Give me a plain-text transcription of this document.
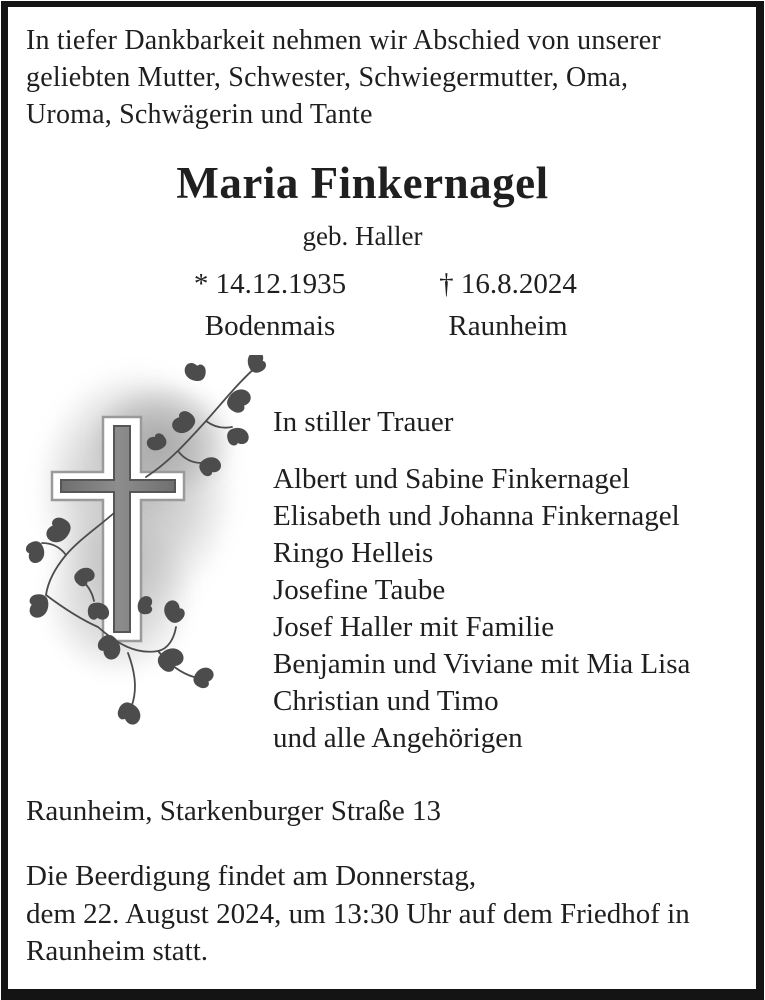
In tiefer Dankbarkeit nehmen wir Abschied von unserer
geliebten Mutter, Schwester, Schwiegermutter, Oma,
Uroma, Schwägerin und Tante
Maria Finkernagel
geb. Haller
* 14.12.1935
Bodenmais
† 16.8.2024
Raunheim
In stiller Trauer
Albert und Sabine Finkernagel
Elisabeth und Johanna Finkernagel
Ringo Helleis
Josefine Taube
Josef Haller mit Familie
Benjamin und Viviane mit Mia Lisa
Christian und Timo
und alle Angehörigen
Raunheim, Starkenburger Straße 13
Die Beerdigung findet am Donnerstag,
dem 22. August 2024, um 13:30 Uhr auf dem Friedhof in
Raunheim statt.
